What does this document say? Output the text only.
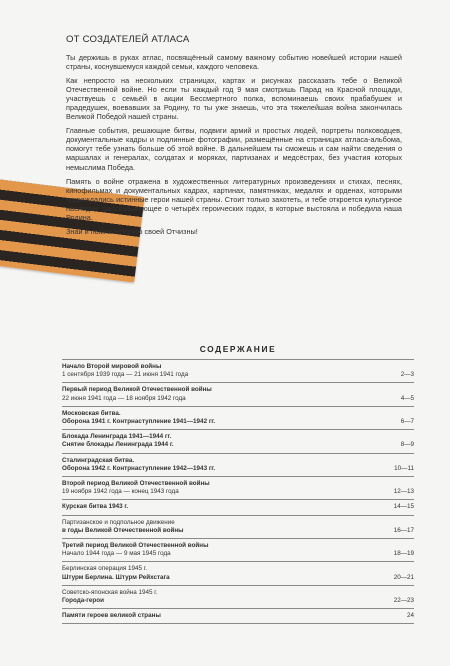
ОТ СОЗДАТЕЛЕЙ АТЛАСА

Ты держишь в руках атлас, посвящённый самому важному событию новейшей истории нашей страны, коснувшемуся каждой семьи, каждого человека.

Как непросто на нескольких страницах, картах и рисунках рассказать тебе о Великой Отечественной войне. Но если ты каждый год 9 мая смотришь Парад на Красной площади, участвуешь с семьёй в акции Бессмертного полка, вспоминаешь своих прабабушек и прадедушек, воевавших за Родину, то ты уже знаешь, что эта тяжелейшая война закончилась Великой Победой нашей страны.

Главные события, решающие битвы, подвиги армий и простых людей, портреты полководцев, документальные кадры и подлинные фотографии, размещённые на страницах атласа-альбома, помогут тебе узнать больше об этой войне. В дальнейшем ты сможешь и сам найти сведения о маршалах и генералах, солдатах и моряках, партизанах и медсёстрах, без участия которых немыслима Победа.

Память о войне отражена в художественных литературных произведениях и стихах, песнях, кинофильмах и документальных кадрах, картинах, памятниках, медалях и орденах, которыми награждались истинные герои нашей страны. Стоит только захотеть, и тебе откроется культурное наследие, рассказывающее о четырёх героических годах, в которые выстояла и победила наша Родина.

Знай и помни историю своей Отчизны!

СОДЕРЖАНИЕ
Начало Второй мировой войны
1 сентября 1939 года — 21 июня 1941 года	2—3
Первый период Великой Отечественной войны
22 июня 1941 года — 18 ноября 1942 года	4—5
Московская битва.
Оборона 1941 г. Контрнаступление 1941—1942 гг.	6—7
Блокада Ленинграда 1941—1944 гг.
Снятие блокады Ленинграда 1944 г.	8—9
Сталинградская битва.
Оборона 1942 г. Контрнаступление 1942—1943 гг.	10—11
Второй период Великой Отечественной войны
19 ноября 1942 года — конец 1943 года	12—13
Курская битва 1943 г.	14—15
Партизанское и подпольное движение
в годы Великой Отечественной войны	16—17
Третий период Великой Отечественной войны
Начало 1944 года — 9 мая 1945 года	18—19
Берлинская операция 1945 г.
Штурм Берлина. Штурм Рейхстага	20—21
Советско-японская война 1945 г.
Города-герои	22—23
Памяти героев великой страны	24
